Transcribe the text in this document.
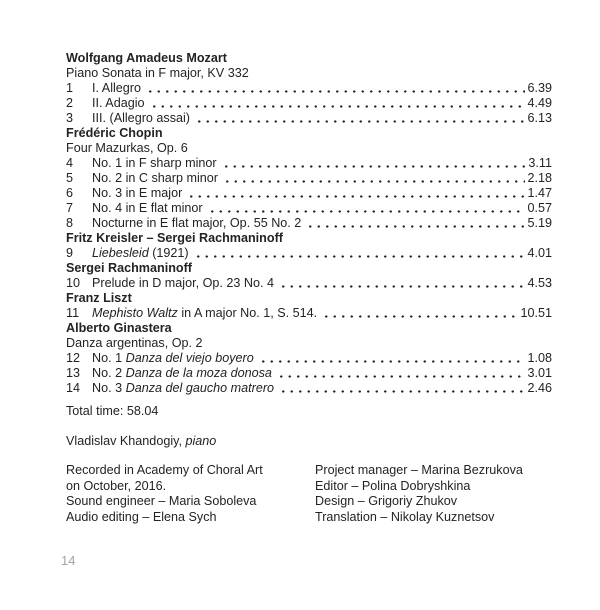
Wolfgang Amadeus Mozart
Piano Sonata in F major, KV 332
1	I. Allegro	6.39
2	II. Adagio	4.49
3	III. (Allegro assai)	6.13
Frédéric Chopin
Four Mazurkas, Op. 6
4	No. 1 in F sharp minor	3.11
5	No. 2 in C sharp minor	2.18
6	No. 3 in E major	1.47
7	No. 4 in E flat minor	0.57
8	Nocturne in E flat major, Op. 55 No. 2	5.19
Fritz Kreisler – Sergei Rachmaninoff
9	Liebesleid (1921)	4.01
Sergei Rachmaninoff
10 Prelude in D major, Op. 23 No. 4	4.53
Franz Liszt
11	Mephisto Waltz in A major No. 1, S. 514.	10.51
Alberto Ginastera
Danza argentinas, Op. 2
12 No. 1 Danza del viejo boyero	1.08
13 No. 2 Danza de la moza donosa	3.01
14 No. 3 Danza del gaucho matrero	2.46
Total time: 58.04
Vladislav Khandogiy, piano
Recorded in Academy of Choral Art
on October, 2016.
Sound engineer – Maria Soboleva
Audio editing – Elena Sych
Project manager – Marina Bezrukova
Editor – Polina Dobryshkina
Design – Grigoriy Zhukov
Translation – Nikolay Kuznetsov
14
